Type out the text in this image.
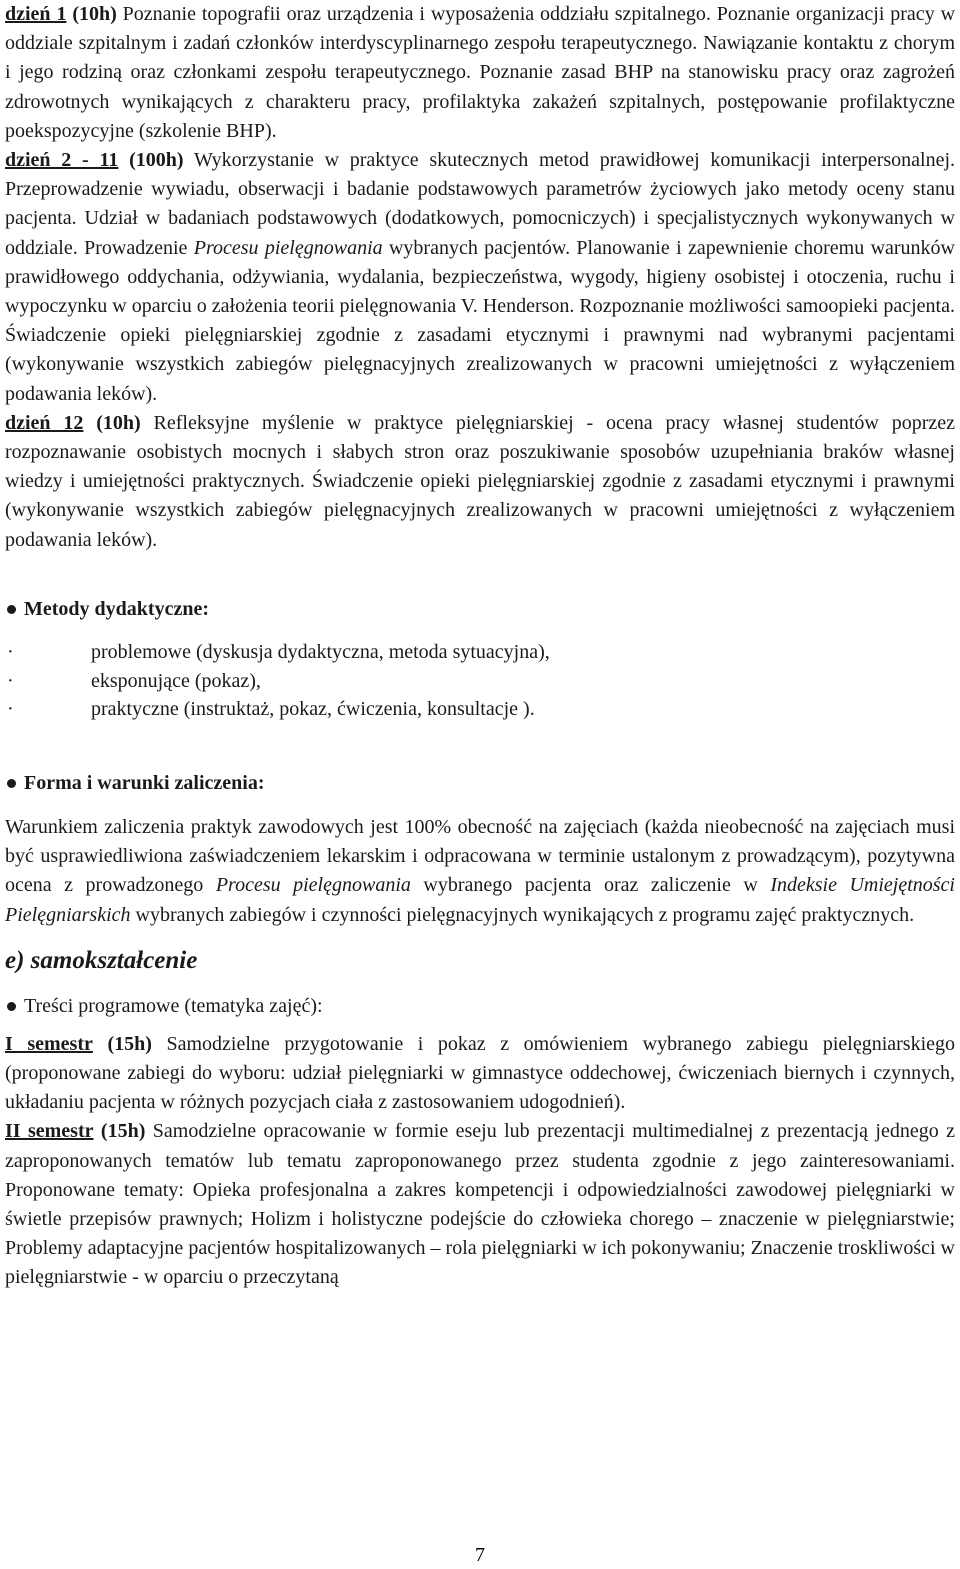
dzień 1 (10h) Poznanie topografii oraz urządzenia i wyposażenia oddziału szpitalnego. Poznanie organizacji pracy w oddziale szpitalnym i zadań członków interdyscyplinarnego zespołu terapeutycznego. Nawiązanie kontaktu z chorym i jego rodziną oraz członkami zespołu terapeutycznego. Poznanie zasad BHP na stanowisku pracy oraz zagrożeń zdrowotnych wynikających z charakteru pracy, profilaktyka zakażeń szpitalnych, postępowanie profilaktyczne poekspozycyjne (szkolenie BHP).

dzień 2 - 11 (100h) Wykorzystanie w praktyce skutecznych metod prawidłowej komunikacji interpersonalnej. Przeprowadzenie wywiadu, obserwacji i badanie podstawowych parametrów życiowych jako metody oceny stanu pacjenta. Udział w badaniach podstawowych (dodatkowych, pomocniczych) i specjalistycznych wykonywanych w oddziale. Prowadzenie Procesu pielęgnowania wybranych pacjentów. Planowanie i zapewnienie choremu warunków prawidłowego oddychania, odżywiania, wydalania, bezpieczeństwa, wygody, higieny osobistej i otoczenia, ruchu i wypoczynku w oparciu o założenia teorii pielęgnowania V. Henderson. Rozpoznanie możliwości samoopieki pacjenta. Świadczenie opieki pielęgniarskiej zgodnie z zasadami etycznymi i prawnymi nad wybranymi pacjentami (wykonywanie wszystkich zabiegów pielęgnacyjnych zrealizowanych w pracowni umiejętności z wyłączeniem podawania leków).

dzień 12 (10h) Refleksyjne myślenie w praktyce pielęgniarskiej - ocena pracy własnej studentów poprzez rozpoznawanie osobistych mocnych i słabych stron oraz poszukiwanie sposobów uzupełniania braków własnej wiedzy i umiejętności praktycznych. Świadczenie opieki pielęgniarskiej zgodnie z zasadami etycznymi i prawnymi (wykonywanie wszystkich zabiegów pielęgnacyjnych zrealizowanych w pracowni umiejętności z wyłączeniem podawania leków).

Metody dydaktyczne:

·	problemowe (dyskusja dydaktyczna, metoda sytuacyjna),
·	eksponujące (pokaz),
·	praktyczne (instruktaż, pokaz, ćwiczenia, konsultacje ).

Forma i warunki zaliczenia:

Warunkiem zaliczenia praktyk zawodowych jest 100% obecność na zajęciach (każda nieobecność na zajęciach musi być usprawiedliwiona zaświadczeniem lekarskim i odpracowana w terminie ustalonym z prowadzącym), pozytywna ocena z prowadzonego Procesu pielęgnowania wybranego pacjenta oraz zaliczenie w Indeksie Umiejętności Pielęgniarskich wybranych zabiegów i czynności pielęgnacyjnych wynikających z programu zajęć praktycznych.

e) samokształcenie

Treści programowe (tematyka zajęć):

I semestr (15h) Samodzielne przygotowanie i pokaz z omówieniem wybranego zabiegu pielęgniarskiego (proponowane zabiegi do wyboru: udział pielęgniarki w gimnastyce oddechowej, ćwiczeniach biernych i czynnych, układaniu pacjenta w różnych pozycjach ciała z zastosowaniem udogodnień).

II semestr (15h) Samodzielne opracowanie w formie eseju lub prezentacji multimedialnej z prezentacją jednego z zaproponowanych tematów lub tematu zaproponowanego przez studenta zgodnie z jego zainteresowaniami. Proponowane tematy: Opieka profesjonalna a zakres kompetencji i odpowiedzialności zawodowej pielęgniarki w świetle przepisów prawnych; Holizm i holistyczne podejście do człowieka chorego – znaczenie w pielęgniarstwie; Problemy adaptacyjne pacjentów hospitalizowanych – rola pielęgniarki w ich pokonywaniu; Znaczenie troskliwości w pielęgniarstwie - w oparciu o przeczytaną

7
